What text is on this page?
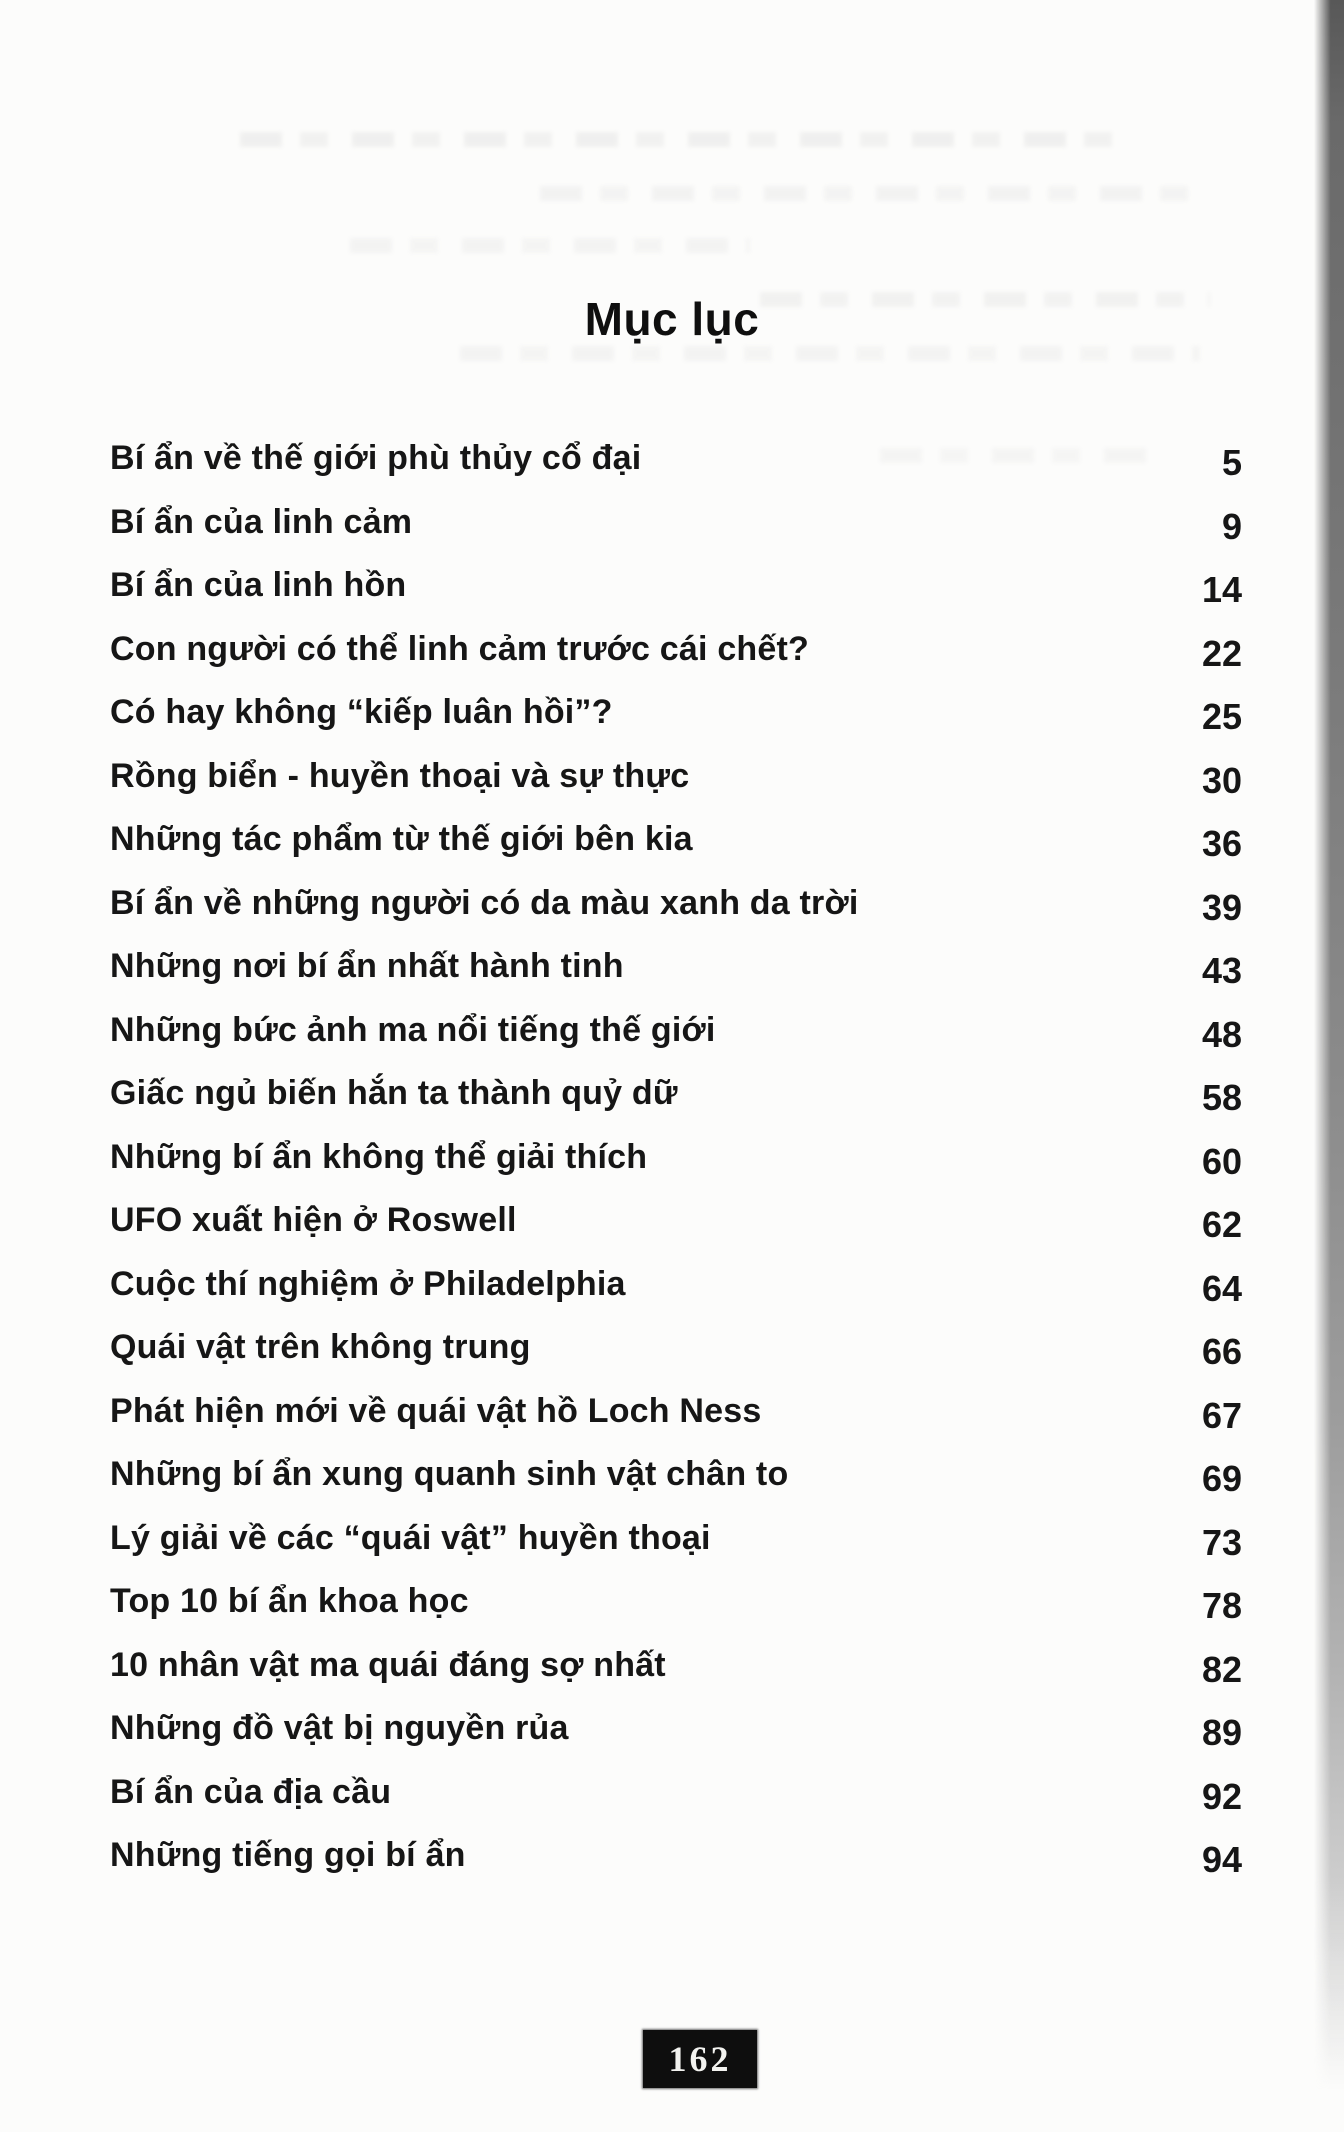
Mục lục
Bí ẩn về thế giới phù thủy cổ đại	5
Bí ẩn của linh cảm	9
Bí ẩn của linh hồn	14
Con người có thể linh cảm trước cái chết?	22
Có hay không “kiếp luân hồi”?	25
Rồng biển - huyền thoại và sự thực	30
Những tác phẩm từ thế giới bên kia	36
Bí ẩn về những người có da màu xanh da trời	39
Những nơi bí ẩn nhất hành tinh	43
Những bức ảnh ma nổi tiếng thế giới	48
Giấc ngủ biến hắn ta thành quỷ dữ	58
Những bí ẩn không thể giải thích	60
UFO xuất hiện ở Roswell	62
Cuộc thí nghiệm ở Philadelphia	64
Quái vật trên không trung	66
Phát hiện mới về quái vật hồ Loch Ness	67
Những bí ẩn xung quanh sinh vật chân to	69
Lý giải về các “quái vật” huyền thoại	73
Top 10 bí ẩn khoa học	78
10 nhân vật ma quái đáng sợ nhất	82
Những đồ vật bị nguyền rủa	89
Bí ẩn của địa cầu	92
Những tiếng gọi bí ẩn	94
162
